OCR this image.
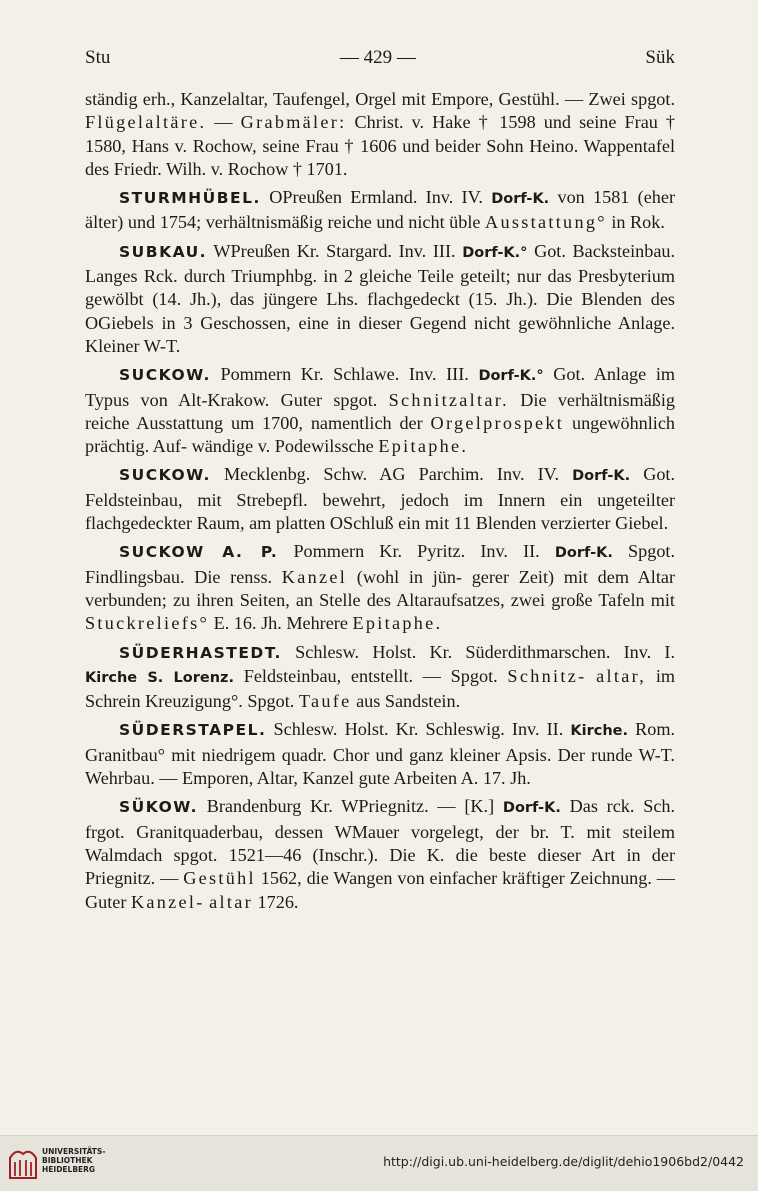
Stu	— 429 —	Sük

ständig erh., Kanzelaltar, Taufengel, Orgel mit Empore, Gestühl. — Zwei spgot. Flügelaltäre. — Grabmäler: Christ. v. Hake † 1598 und seine Frau † 1580, Hans v. Rochow, seine Frau † 1606 und beider Sohn Heino. Wappentafel des Friedr. Wilh. v. Rochow † 1701.

STURMHÜBEL. OPreußen Ermland. Inv. IV. Dorf-K. von 1581 (eher älter) und 1754; verhältnismäßig reiche und nicht üble Ausstattung° in Rok.

SUBKAU. WPreußen Kr. Stargard. Inv. III. Dorf-K.° Got. Backsteinbau. Langes Rck. durch Triumphbg. in 2 gleiche Teile geteilt; nur das Presbyterium gewölbt (14. Jh.), das jüngere Lhs. flachgedeckt (15. Jh.). Die Blenden des OGiebels in 3 Geschossen, eine in dieser Gegend nicht gewöhnliche Anlage. Kleiner W-T.

SUCKOW. Pommern Kr. Schlawe. Inv. III. Dorf-K.° Got. Anlage im Typus von Alt-Krakow. Guter spgot. Schnitzaltar. Die verhältnismäßig reiche Ausstattung um 1700, namentlich der Orgelprospekt ungewöhnlich prächtig. Auf- wändige v. Podewilssche Epitaphe.

SUCKOW. Mecklenbg. Schw. AG Parchim. Inv. IV. Dorf-K. Got. Feldsteinbau, mit Strebepfl. bewehrt, jedoch im Innern ein ungeteilter flachgedeckter Raum, am platten OSchluß ein mit 11 Blenden verzierter Giebel.

SUCKOW A. P. Pommern Kr. Pyritz. Inv. II. Dorf-K. Spgot. Findlingsbau. Die renss. Kanzel (wohl in jün- gerer Zeit) mit dem Altar verbunden; zu ihren Seiten, an Stelle des Altaraufsatzes, zwei große Tafeln mit Stuckreliefs° E. 16. Jh. Mehrere Epitaphe.

SÜDERHASTEDT. Schlesw. Holst. Kr. Süderdithmarschen. Inv. I. Kirche S. Lorenz. Feldsteinbau, entstellt. — Spgot. Schnitz- altar, im Schrein Kreuzigung°. Spgot. Taufe aus Sandstein.

SÜDERSTAPEL. Schlesw. Holst. Kr. Schleswig. Inv. II. Kirche. Rom. Granitbau° mit niedrigem quadr. Chor und ganz kleiner Apsis. Der runde W-T. Wehrbau. — Emporen, Altar, Kanzel gute Arbeiten A. 17. Jh.

SÜKOW. Brandenburg Kr. WPriegnitz. — [K.] Dorf-K. Das rck. Sch. frgot. Granitquaderbau, dessen WMauer vorgelegt, der br. T. mit steilem Walmdach spgot. 1521—46 (Inschr.). Die K. die beste dieser Art in der Priegnitz. — Gestühl 1562, die Wangen von einfacher kräftiger Zeichnung. — Guter Kanzel- altar 1726.

UNIVERSITÄTS-
BIBLIOTHEK
HEIDELBERG
http://digi.ub.uni-heidelberg.de/diglit/dehio1906bd2/0442
